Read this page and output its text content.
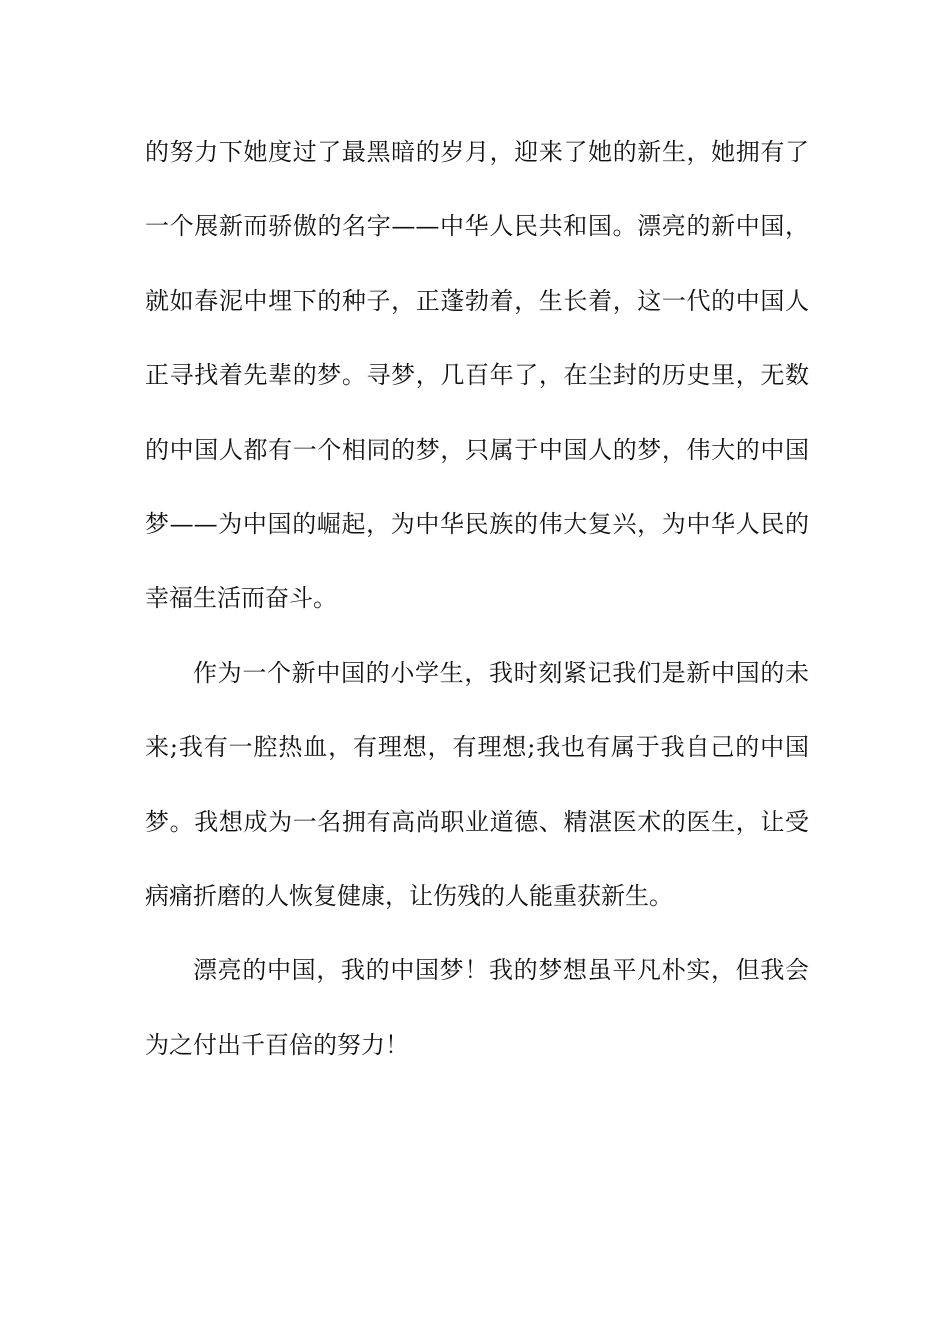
的努力下她度过了最黑暗的岁月，迎来了她的新生，她拥有了
一个展新而骄傲的名字——中华人民共和国。漂亮的新中国，
就如春泥中埋下的种子，正蓬勃着，生长着，这一代的中国人
正寻找着先辈的梦。寻梦，几百年了，在尘封的历史里，无数
的中国人都有一个相同的梦，只属于中国人的梦，伟大的中国
梦——为中国的崛起，为中华民族的伟大复兴，为中华人民的
幸福生活而奋斗。
作为一个新中国的小学生，我时刻紧记我们是新中国的未
来;我有一腔热血，有理想，有理想;我也有属于我自己的中国
梦。我想成为一名拥有高尚职业道德、精湛医术的医生，让受
病痛折磨的人恢复健康，让伤残的人能重获新生。
漂亮的中国，我的中国梦！我的梦想虽平凡朴实，但我会
为之付出千百倍的努力！
